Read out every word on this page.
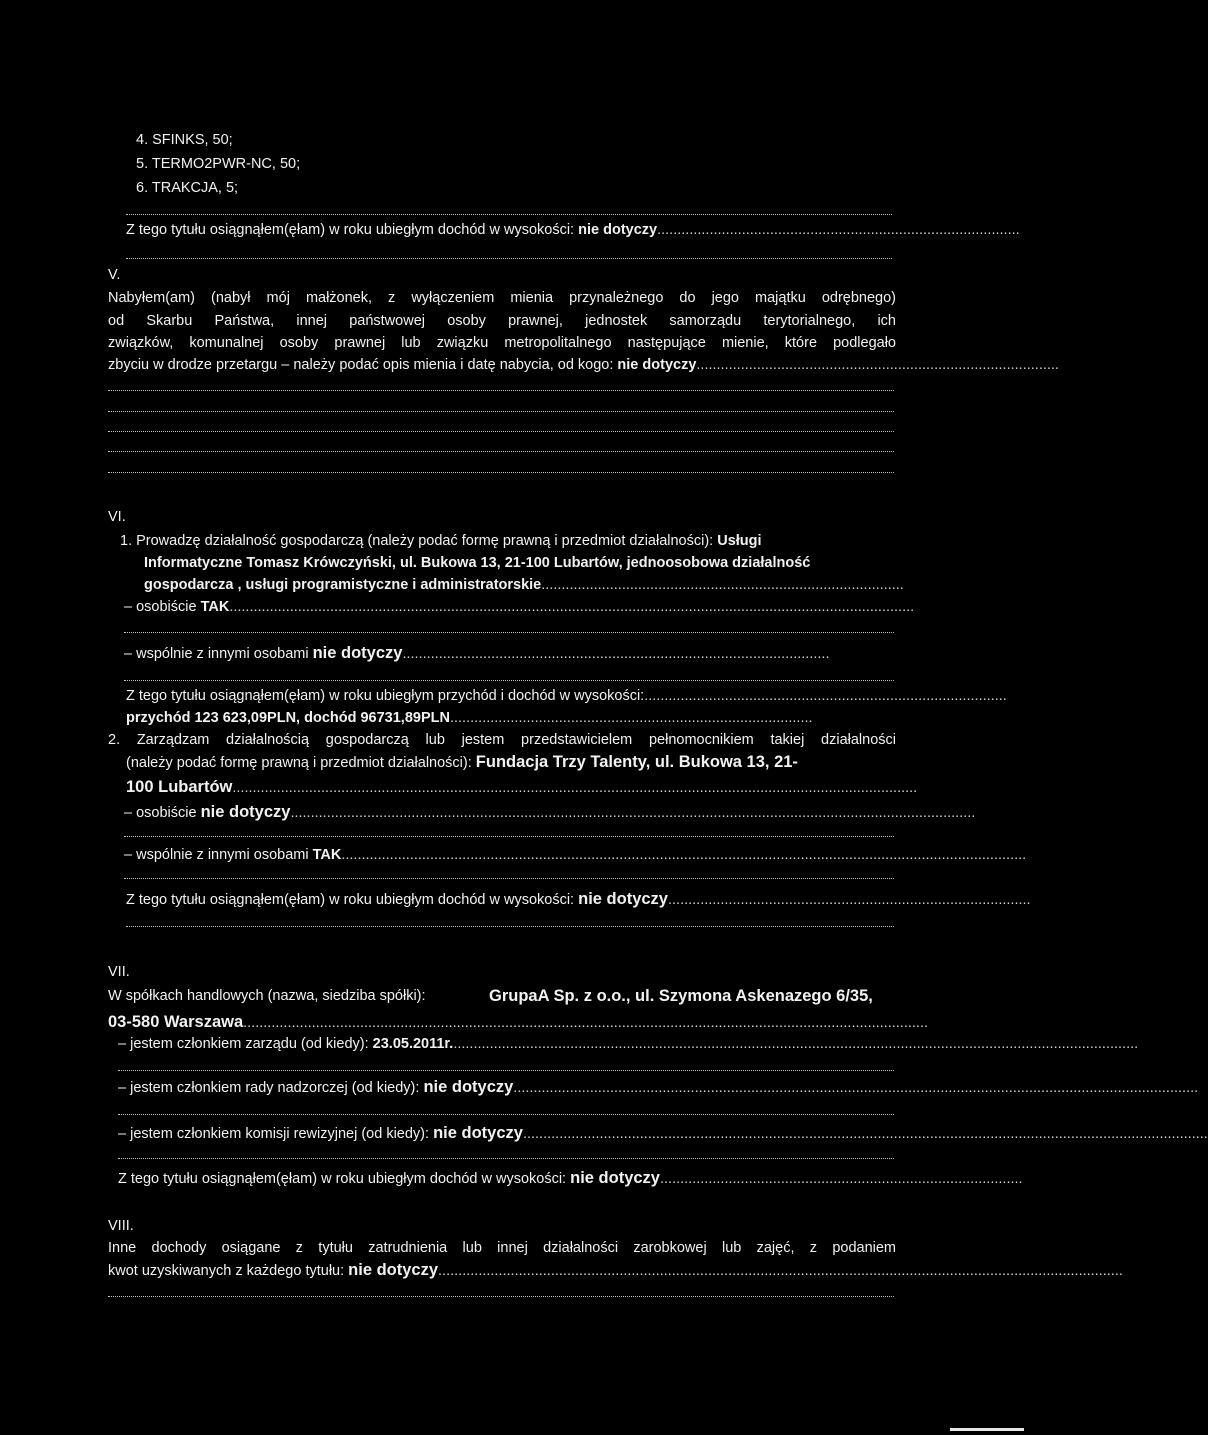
4. SFINKS, 50;
5. TERMO2PWR-NC, 50;
6. TRAKCJA, 5;
Z tego tytułu osiągnąłem(ęłam) w roku ubiegłym dochód w wysokości: nie dotyczy..........................................................................................
V.
Nabyłem(am) (nabył mój małżonek, z wyłączeniem mienia przynależnego do jego majątku odrębnego)
od Skarbu Państwa, innej państwowej osoby prawnej, jednostek samorządu terytorialnego, ich
związków, komunalnej osoby prawnej lub związku metropolitalnego następujące mienie, które podlegało
zbyciu w drodze przetargu – należy podać opis mienia i datę nabycia, od kogo: nie dotyczy..........................................................................................
VI.
1. Prowadzę działalność gospodarczą (należy podać formę prawną i przedmiot działalności): Usługi
Informatyczne Tomasz Krówczyński, ul. Bukowa 13, 21-100 Lubartów, jednoosobowa działalność
gospodarcza , usługi programistyczne i administratorskie..........................................................................................
– osobiście TAK..........................................................................................................................................................................
– wspólnie z innymi osobami nie dotyczy..........................................................................................................
Z tego tytułu osiągnąłem(ęłam) w roku ubiegłym przychód i dochód w wysokości:..........................................................................................
przychód 123 623,09PLN, dochód 96731,89PLN..........................................................................................
2. Zarządzam działalnością gospodarczą lub jestem przedstawicielem pełnomocnikiem takiej działalności
(należy podać formę prawną i przedmiot działalności): Fundacja Trzy Talenty, ul. Bukowa 13, 21-
100 Lubartów..........................................................................................................................................................................
– osobiście nie dotyczy..........................................................................................................................................................................
– wspólnie z innymi osobami TAK..........................................................................................................................................................................
Z tego tytułu osiągnąłem(ęłam) w roku ubiegłym dochód w wysokości: nie dotyczy..........................................................................................
VII.
W spółkach handlowych (nazwa, siedziba spółki):	GrupaA Sp. z o.o., ul. Szymona Askenazego 6/35,
03-580 Warszawa..........................................................................................................................................................................
– jestem członkiem zarządu (od kiedy): 23.05.2011r...........................................................................................................................................................................
– jestem członkiem rady nadzorczej (od kiedy): nie dotyczy..........................................................................................................................................................................
– jestem członkiem komisji rewizyjnej (od kiedy): nie dotyczy..........................................................................................................................................................................
Z tego tytułu osiągnąłem(ęłam) w roku ubiegłym dochód w wysokości: nie dotyczy..........................................................................................
VIII.
Inne dochody osiągane z tytułu zatrudnienia lub innej działalności zarobkowej lub zajęć, z podaniem
kwot uzyskiwanych z każdego tytułu: nie dotyczy..........................................................................................................................................................................
